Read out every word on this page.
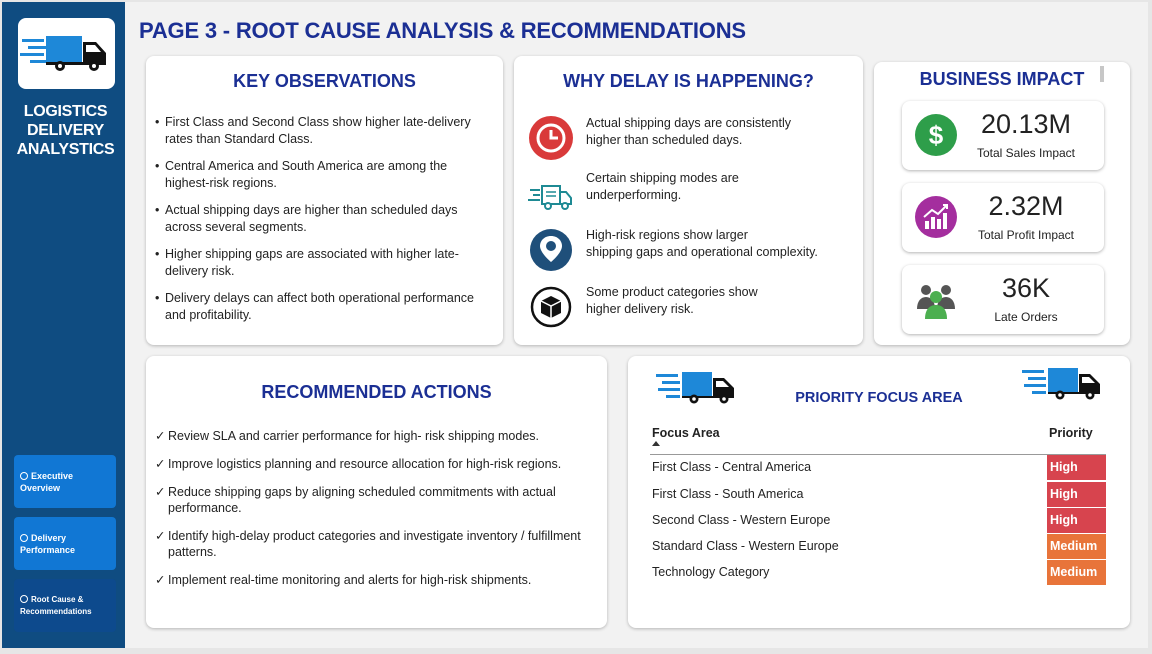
LOGISTICS
DELIVERY
ANALYSTICS
Executive
Overview
Delivery
Performance
Root Cause &
Recommendations
PAGE 3 - ROOT CAUSE ANALYSIS & RECOMMENDATIONS
KEY OBSERVATIONS
• First Class and Second Class show higher late-delivery rates than Standard Class.
• Central America and South America are among the highest-risk regions.
• Actual shipping days are higher than scheduled days across several segments.
• Higher shipping gaps are associated with higher late-delivery risk.
• Delivery delays can affect both operational performance and profitability.
WHY DELAY IS HAPPENING?
Actual shipping days are consistently
higher than scheduled days.
Certain shipping modes are
underperforming.
High-risk regions show larger
shipping gaps and operational complexity.
Some product categories show
higher delivery risk.
BUSINESS IMPACT
$	20.13M
Total Sales Impact
2.32M
Total Profit Impact
36K
Late Orders
RECOMMENDED ACTIONS
✓ Review SLA and carrier performance for high- risk shipping modes.
✓ Improve logistics planning and resource allocation for high-risk regions.
✓ Reduce shipping gaps by aligning scheduled commitments with actual performance.
✓ Identify high-delay product categories and investigate inventory / fulfillment patterns.
✓ Implement real-time monitoring and alerts for high-risk shipments.
PRIORITY FOCUS AREA
Focus Area	Priority
First Class - Central America	High
First Class - South America	High
Second Class - Western Europe	High
Standard Class - Western Europe	Medium
Technology Category	Medium
